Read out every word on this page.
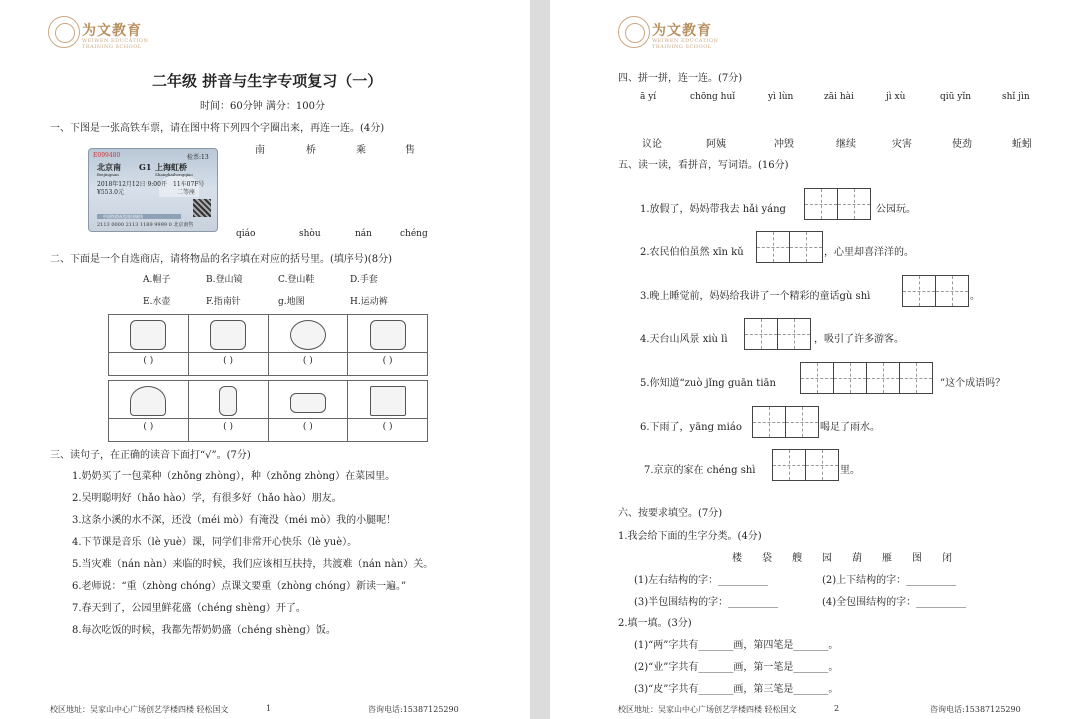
为文教育
WEIWEN EDUCATION TRAINING SCHOOL
二年级 拼音与生字专项复习（一）
时间：60分钟 满分：100分
一、下图是一张高铁车票，请在图中将下列四个字圈出来，再连一连。(4分)
E099480	检票:13
北京南 G1 上海虹桥
Beijingnan	Shanghaihongqiao
2018年12月12日 9:00开 11车07F号
¥553.0元	二等座
中国铁路祝您旅途愉快
2113 0000 2113 1189 9999 0 北京南售
南	桥	乘	售
qiáo	shòu	nán	chéng
二、下面是一个自选商店，请将物品的名字填在对应的括号里。(填序号)(8分)
A.帽子	B.登山镜	C.登山鞋	D.手套
E.水壶	F.指南针	g.地图	H.运动裤
( )	( )	( )	( )
( )	( )	( )	( )
三、读句子，在正确的读音下面打“√”。(7分)
1.奶奶买了一包菜种（zhǒng zhòng），种（zhǒng zhòng）在菜园里。
2.吴明聪明好（hǎo hào）学，有很多好（hǎo hào）朋友。
3.这条小溪的水不深，还没（méi mò）有淹没（méi mò）我的小腿呢！
4.下节课是音乐（lè yuè）课，同学们非常开心快乐（lè yuè）。
5.当灾难（nán nàn）来临的时候，我们应该相互扶持，共渡难（nán nàn）关。
6.老师说：“重（zhòng chóng）点课文要重（zhòng chóng）新读一遍。”
7.春天到了，公园里鲜花盛（chéng shèng）开了。
8.每次吃饭的时候，我都先帮奶奶盛（chéng shèng）饭。
校区地址：吴家山中心广场创艺学楼四楼 轻松国文	1	咨询电话:15387125290
为文教育
WEIWEN EDUCATION TRAINING SCHOOL
四、拼一拼，连一连。(7分)
ā yí	chōng huǐ	yì lùn	zāi hài	jì xù	qiū yǐn	shǐ jìn
议论	阿姨	冲毁	继续	灾害	使劲	蚯蚓
五、读一读，看拼音，写词语。(16分)
1.放假了，妈妈带我去 hǎi yáng	公园玩。
2.农民伯伯虽然 xīn kǔ	，心里却喜洋洋的。
3.晚上睡觉前，妈妈给我讲了一个精彩的童话gù shì	。
4.天台山风景 xiù lì	，吸引了许多游客。
5.你知道“zuò jǐng guān tiān	”这个成语吗？
6.下雨了，yāng miáo	喝足了雨水。
7.京京的家在 chéng shì	里。
六、按要求填空。(7分)
1.我会给下面的生字分类。(4分)
楼 袋 艘 园 葫 雁 图 闭
(1)左右结构的字：__________	(2)上下结构的字：__________
(3)半包围结构的字：__________	(4)全包围结构的字：__________
2.填一填。(3分)
(1)“两”字共有_______画，第四笔是_______。
(2)“业”字共有_______画，第一笔是_______。
(3)“皮”字共有_______画，第三笔是_______。
校区地址：吴家山中心广场创艺学楼四楼 轻松国文	2	咨询电话:15387125290
